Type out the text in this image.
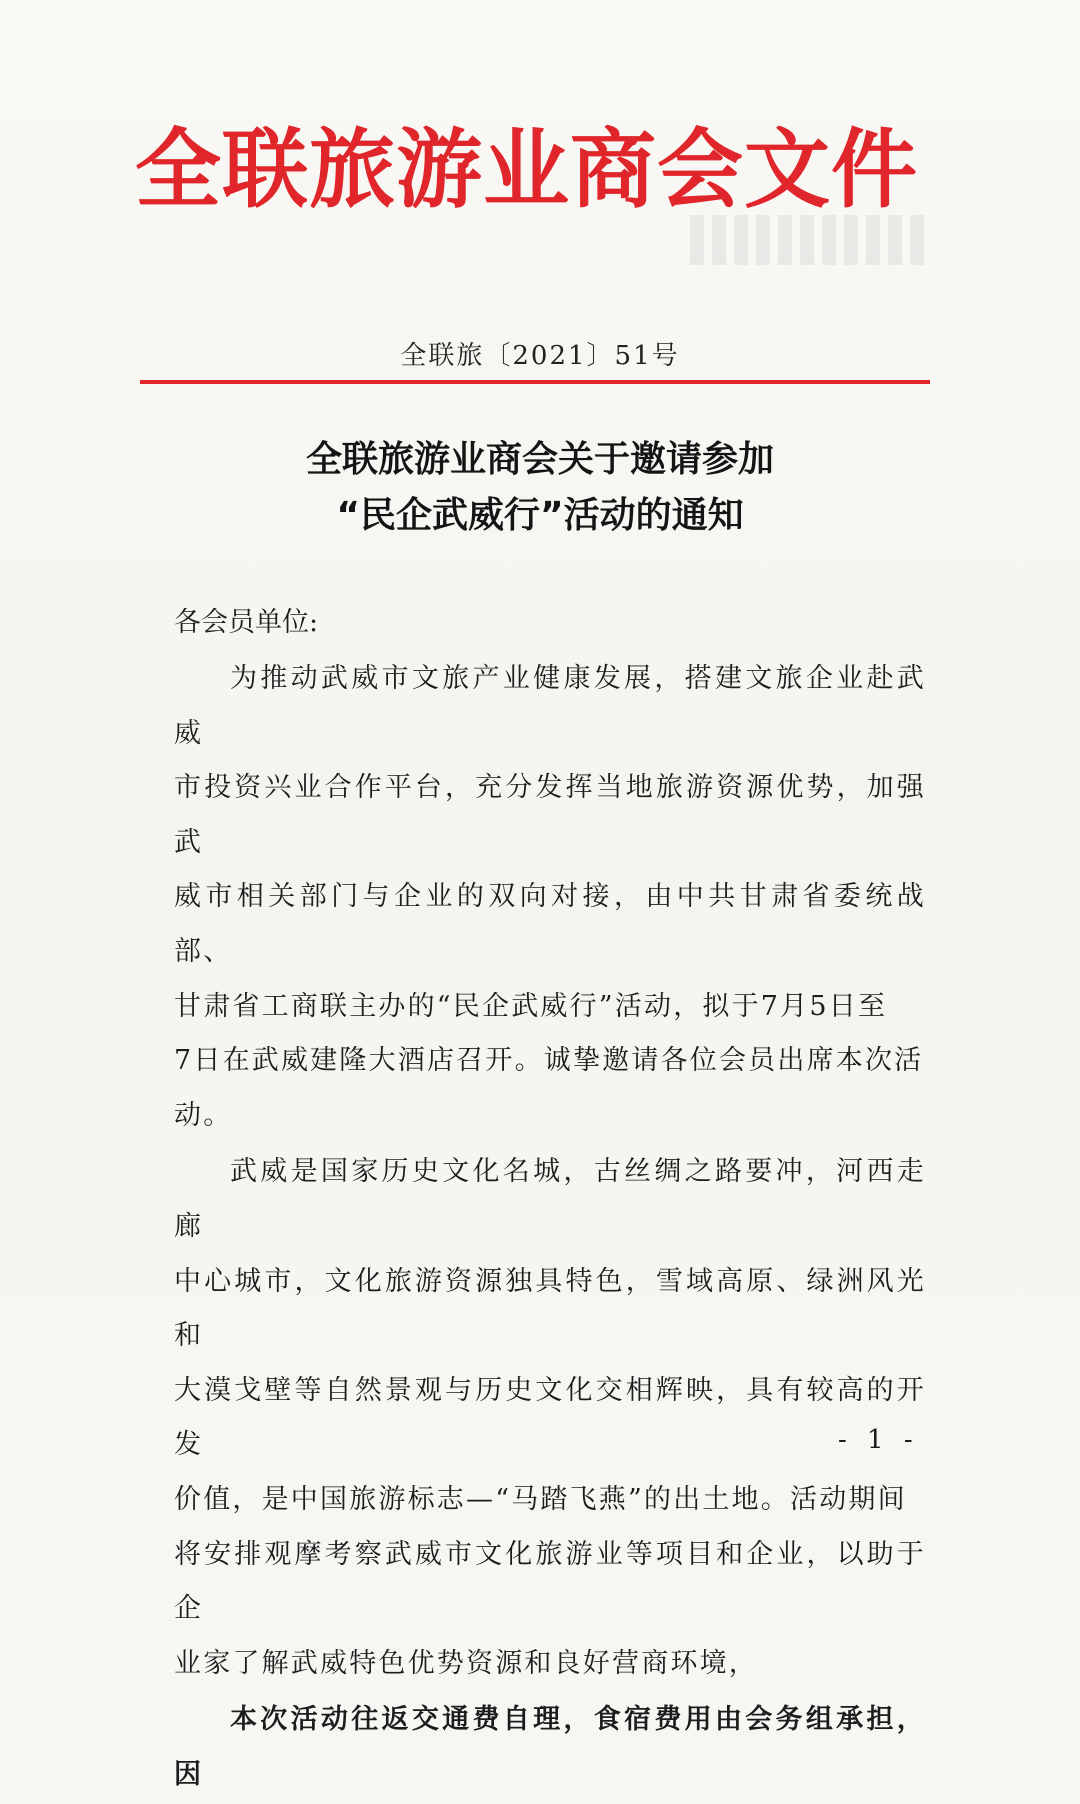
全联旅游业商会文件
全联旅〔2021〕51号
全联旅游业商会关于邀请参加
“民企武威行”活动的通知
各会员单位:

为推动武威市文旅产业健康发展，搭建文旅企业赴武威
市投资兴业合作平台，充分发挥当地旅游资源优势，加强武
威市相关部门与企业的双向对接，由中共甘肃省委统战部、
甘肃省工商联主办的“民企武威行”活动，拟于7月5日至
7日在武威建隆大酒店召开。诚挚邀请各位会员出席本次活
动。

武威是国家历史文化名城，古丝绸之路要冲，河西走廊
中心城市，文化旅游资源独具特色，雪域高原、绿洲风光和
大漠戈壁等自然景观与历史文化交相辉映，具有较高的开发
价值，是中国旅游标志—“马踏飞燕”的出土地。活动期间
将安排观摩考察武威市文化旅游业等项目和企业，以助于企
业家了解武威特色优势资源和良好营商环境，

本次活动往返交通费自理，食宿费用由会务组承担，因

- 1 -
